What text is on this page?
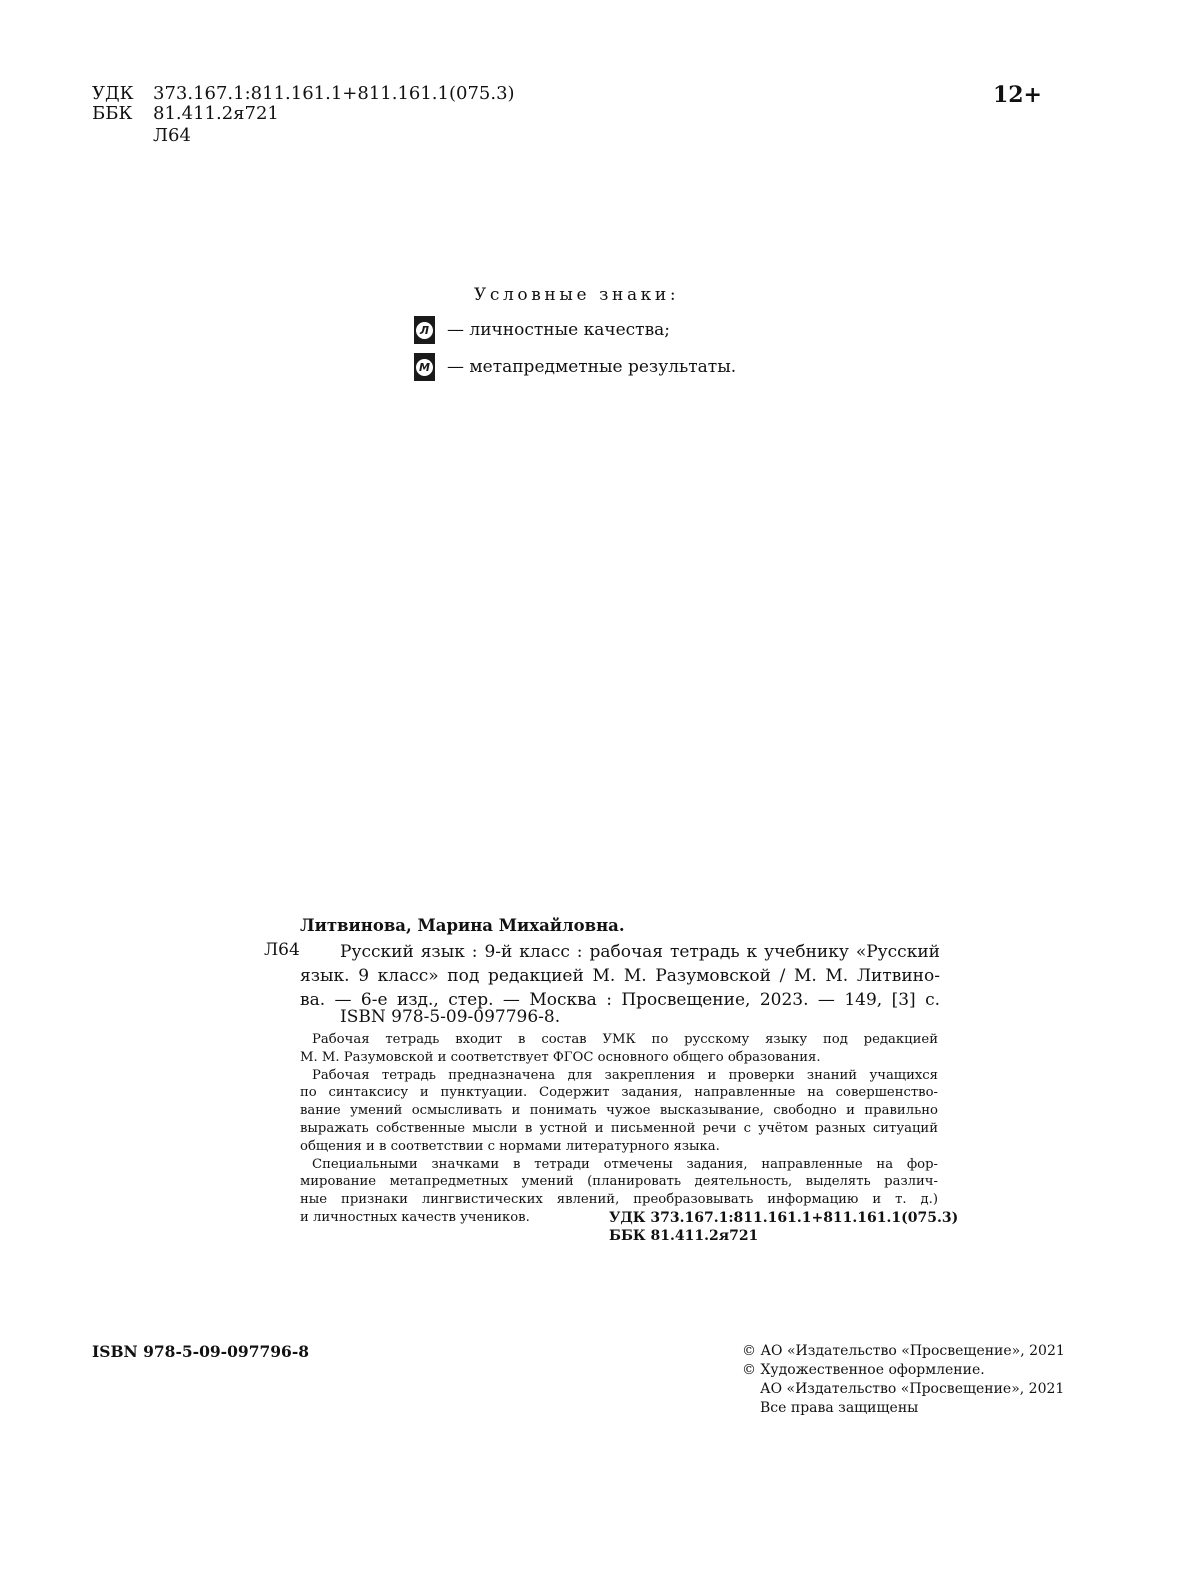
УДК 373.167.1:811.161.1+811.161.1(075.3)
ББК 81.411.2я721
Л64
12+
Условные знаки:
Л — личностные качества;
М — метапредметные результаты.
Литвинова, Марина Михайловна.
Л64	Русский язык : 9-й класс : рабочая тетрадь к учебнику «Русский
язык. 9 класс» под редакцией М. М. Разумовской / М. М. Литвино-
ва. — 6-е изд., стер. — Москва : Просвещение, 2023. — 149, [3] с.
ISBN 978-5-09-097796-8.
Рабочая тетрадь входит в состав УМК по русскому языку под редакцией
М. М. Разумовской и соответствует ФГОС основного общего образования.
Рабочая тетрадь предназначена для закрепления и проверки знаний учащихся
по синтаксису и пунктуации. Содержит задания, направленные на совершенство-
вание умений осмысливать и понимать чужое высказывание, свободно и правильно
выражать собственные мысли в устной и письменной речи с учётом разных ситуаций
общения и в соответствии с нормами литературного языка.
Специальными значками в тетради отмечены задания, направленные на фор-
мирование метапредметных умений (планировать деятельность, выделять различ-
ные признаки лингвистических явлений, преобразовывать информацию и т. д.)
и личностных качеств учеников.	УДК 373.167.1:811.161.1+811.161.1(075.3)
ББК 81.411.2я721
ISBN 978-5-09-097796-8	© АО «Издательство «Просвещение», 2021
© Художественное оформление.
АО «Издательство «Просвещение», 2021
Все права защищены
